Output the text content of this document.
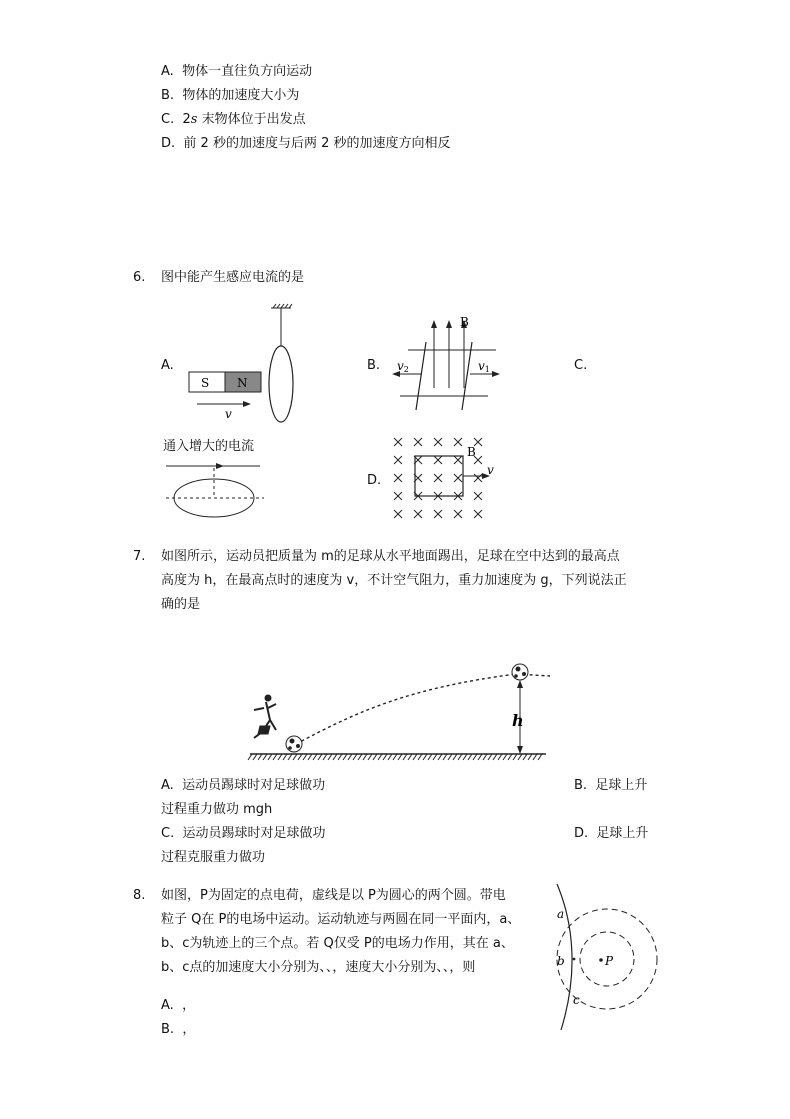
A. 物体一直往负方向运动
B. 物体的加速度大小为
C. 2s 末物体位于出发点
D. 前 2 秒的加速度与后两 2 秒的加速度方向相反
6. 图中能产生感应电流的是
A.	B.	C.
D.
S N
v
B
v2	v1
通入增大的电流	B
v
7. 如图所示，运动员把质量为 m的足球从水平地面踢出，足球在空中达到的最高点
高度为 h，在最高点时的速度为 v，不计空气阻力，重力加速度为 g，下列说法正
确的是
h
A. 运动员踢球时对足球做功	B. 足球上升
过程重力做功 mgh
C. 运动员踢球时对足球做功	D. 足球上升
过程克服重力做功
8. 如图，P为固定的点电荷，虚线是以 P为圆心的两个圆。带电
粒子 Q在 P的电场中运动。运动轨迹与两圆在同一平面内，a、
b、c为轨迹上的三个点。若 Q仅受 P的电场力作用，其在 a、
b、c点的加速度大小分别为、、，速度大小分别为、、，则
A. ，
B. ，
a
b
c
P
